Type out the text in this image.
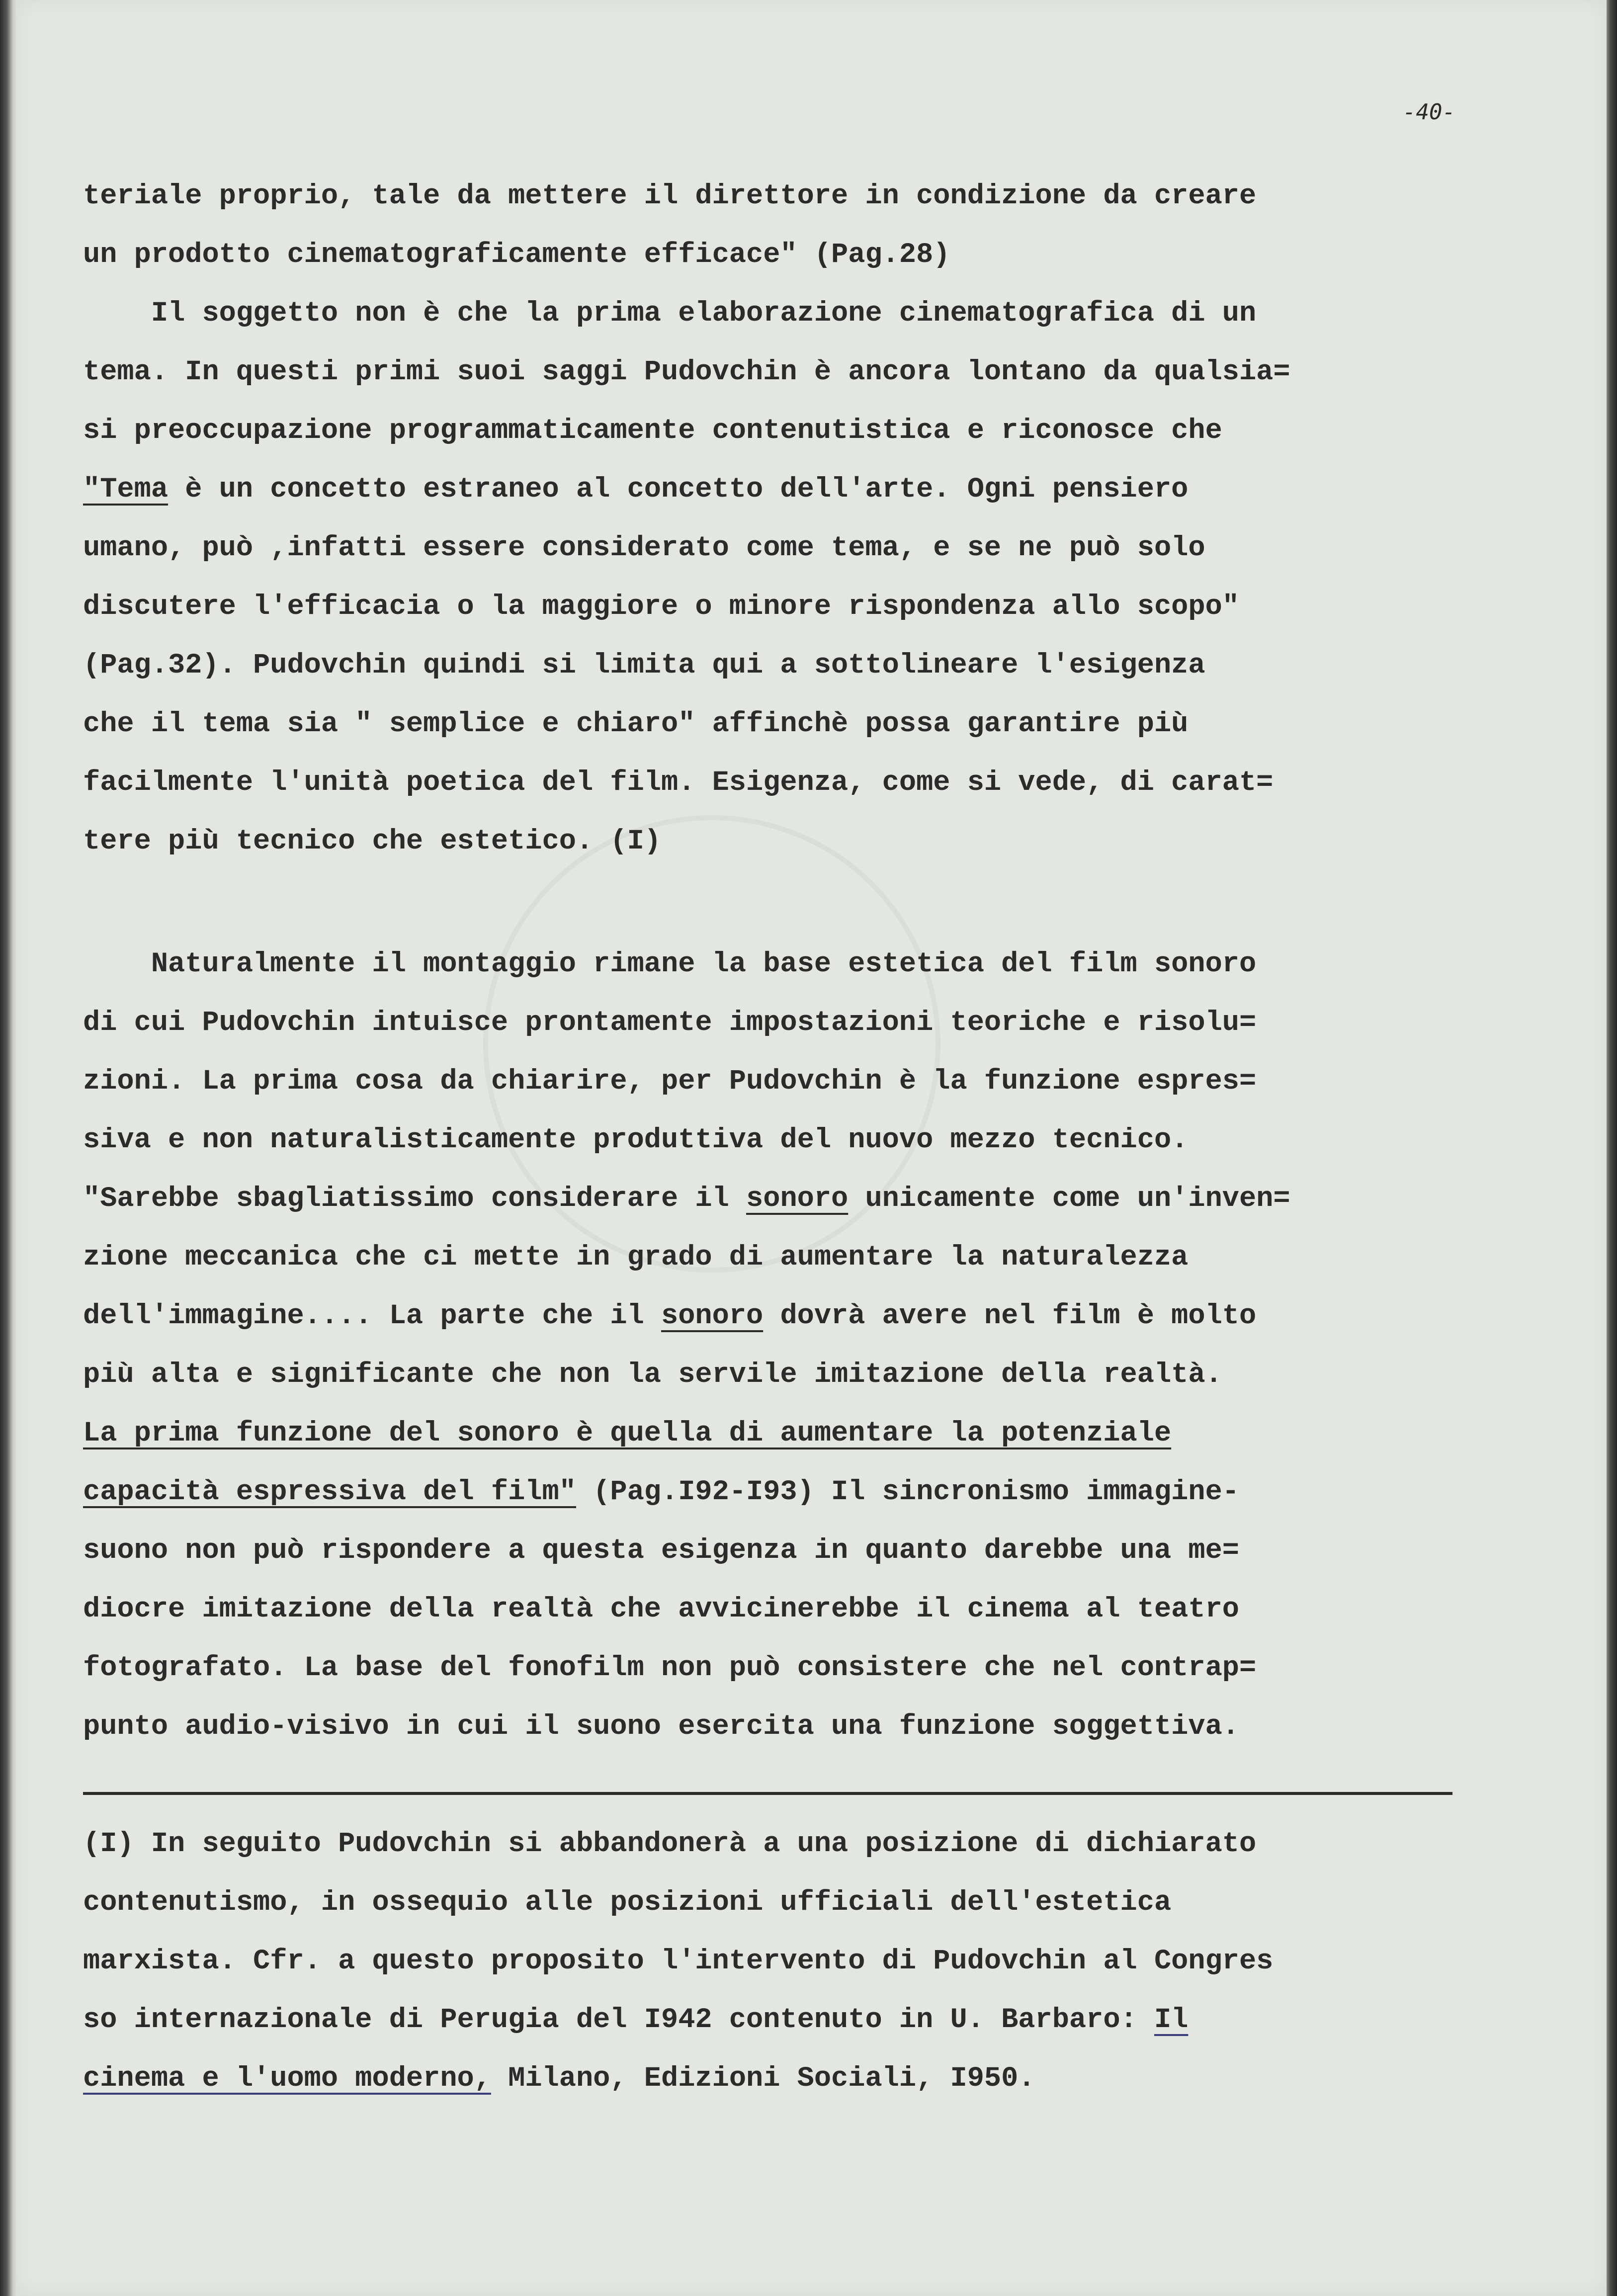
-40-

teriale proprio, tale da mettere il direttore in condizione da creare

un prodotto cinematograficamente efficace" (Pag.28)

Il soggetto non è che la prima elaborazione cinematografica di un

tema. In questi primi suoi saggi Pudovchin è ancora lontano da qualsia=

si preoccupazione programmaticamente contenutistica e riconosce che

"Tema è un concetto estraneo al concetto dell'arte. Ogni pensiero

umano, può ,infatti essere considerato come tema, e se ne può solo

discutere l'efficacia o la maggiore o minore rispondenza allo scopo"

(Pag.32). Pudovchin quindi si limita qui a sottolineare l'esigenza

che il tema sia " semplice e chiaro" affinchè possa garantire più

facilmente l'unità poetica del film. Esigenza, come si vede, di carat=

tere più tecnico che estetico. (I)

Naturalmente il montaggio rimane la base estetica del film sonoro

di cui Pudovchin intuisce prontamente impostazioni teoriche e risolu=

zioni. La prima cosa da chiarire, per Pudovchin è la funzione espres=

siva e non naturalisticamente produttiva del nuovo mezzo tecnico.

"Sarebbe sbagliatissimo considerare il sonoro unicamente come un'inven=

zione meccanica che ci mette in grado di aumentare la naturalezza

dell'immagine.... La parte che il sonoro dovrà avere nel film è molto

più alta e significante che non la servile imitazione della realtà.

La prima funzione del sonoro è quella di aumentare la potenziale

capacità espressiva del film" (Pag.I92-I93) Il sincronismo immagine-

suono non può rispondere a questa esigenza in quanto darebbe una me=

diocre imitazione della realtà che avvicinerebbe il cinema al teatro

fotografato. La base del fonofilm non può consistere che nel contrap=

punto audio-visivo in cui il suono esercita una funzione soggettiva.

(I) In seguito Pudovchin si abbandonerà a una posizione di dichiarato

contenutismo, in ossequio alle posizioni ufficiali dell'estetica

marxista. Cfr. a questo proposito l'intervento di Pudovchin al Congres

so internazionale di Perugia del I942 contenuto in U. Barbaro: Il

cinema e l'uomo moderno, Milano, Edizioni Sociali, I950.
